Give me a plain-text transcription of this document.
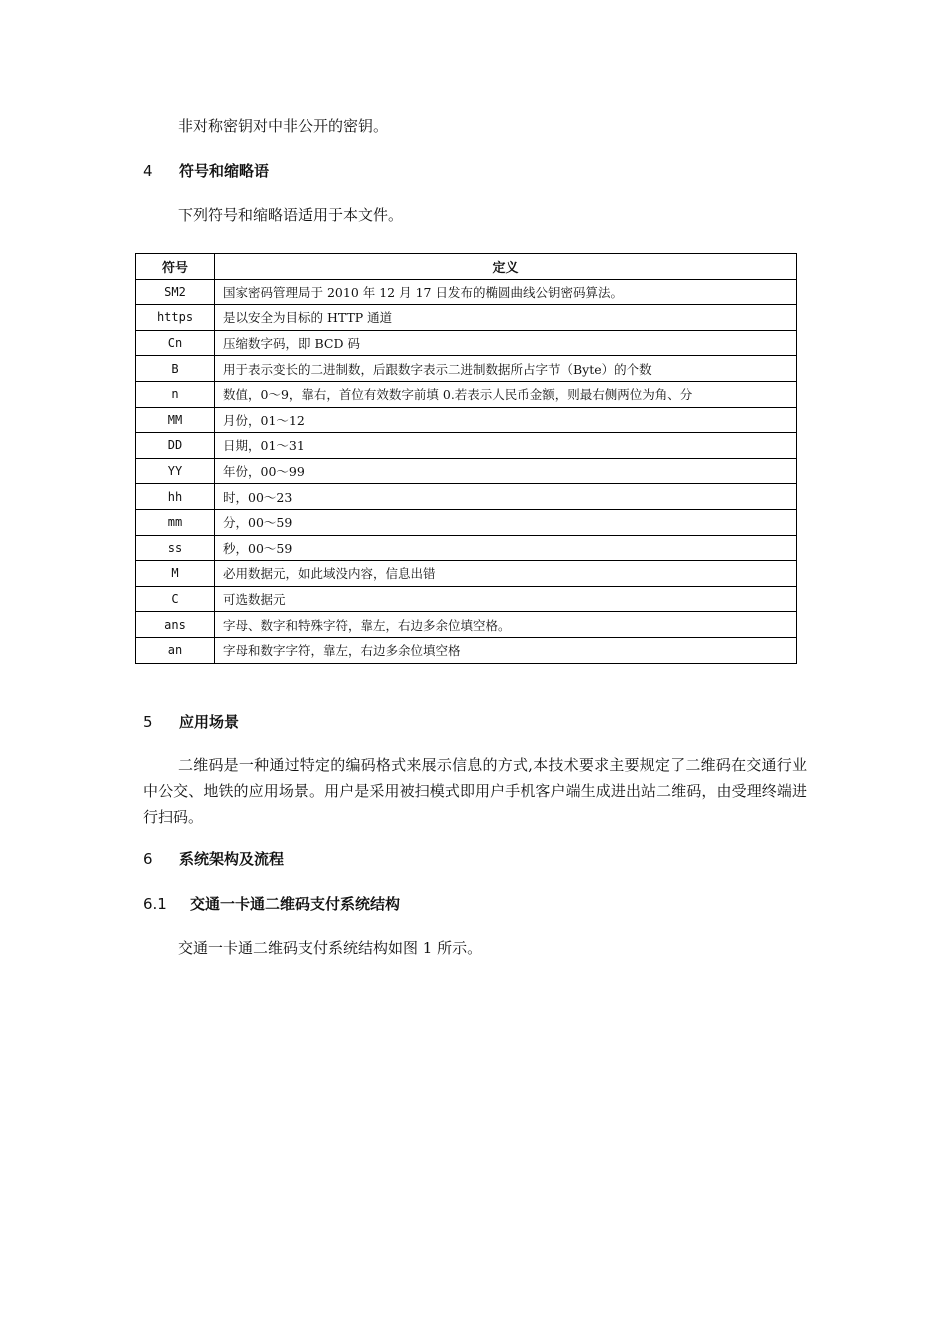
非对称密钥对中非公开的密钥。
4 符号和缩略语
下列符号和缩略语适用于本文件。
符号	定义
SM2	国家密码管理局于 2010 年 12 月 17 日发布的椭圆曲线公钥密码算法。
https	是以安全为目标的 HTTP 通道
Cn	压缩数字码，即 BCD 码
B	用于表示变长的二进制数，后跟数字表示二进制数据所占字节（Byte）的个数
n	数值，0～9，靠右，首位有效数字前填 0.若表示人民币金额，则最右侧两位为角、分
MM	月份，01～12
DD	日期，01～31
YY	年份，00～99
hh	时，00～23
mm	分，00～59
ss	秒，00～59
M	必用数据元，如此域没内容，信息出错
C	可选数据元
ans	字母、数字和特殊字符，靠左，右边多余位填空格。
an	字母和数字字符，靠左，右边多余位填空格
5 应用场景
二维码是一种通过特定的编码格式来展示信息的方式,本技术要求主要规定了二维码在交通行业中公交、地铁的应用场景。用户是采用被扫模式即用户手机客户端生成进出站二维码，由受理终端进行扫码。
6 系统架构及流程
6.1 交通一卡通二维码支付系统结构
交通一卡通二维码支付系统结构如图 1 所示。
